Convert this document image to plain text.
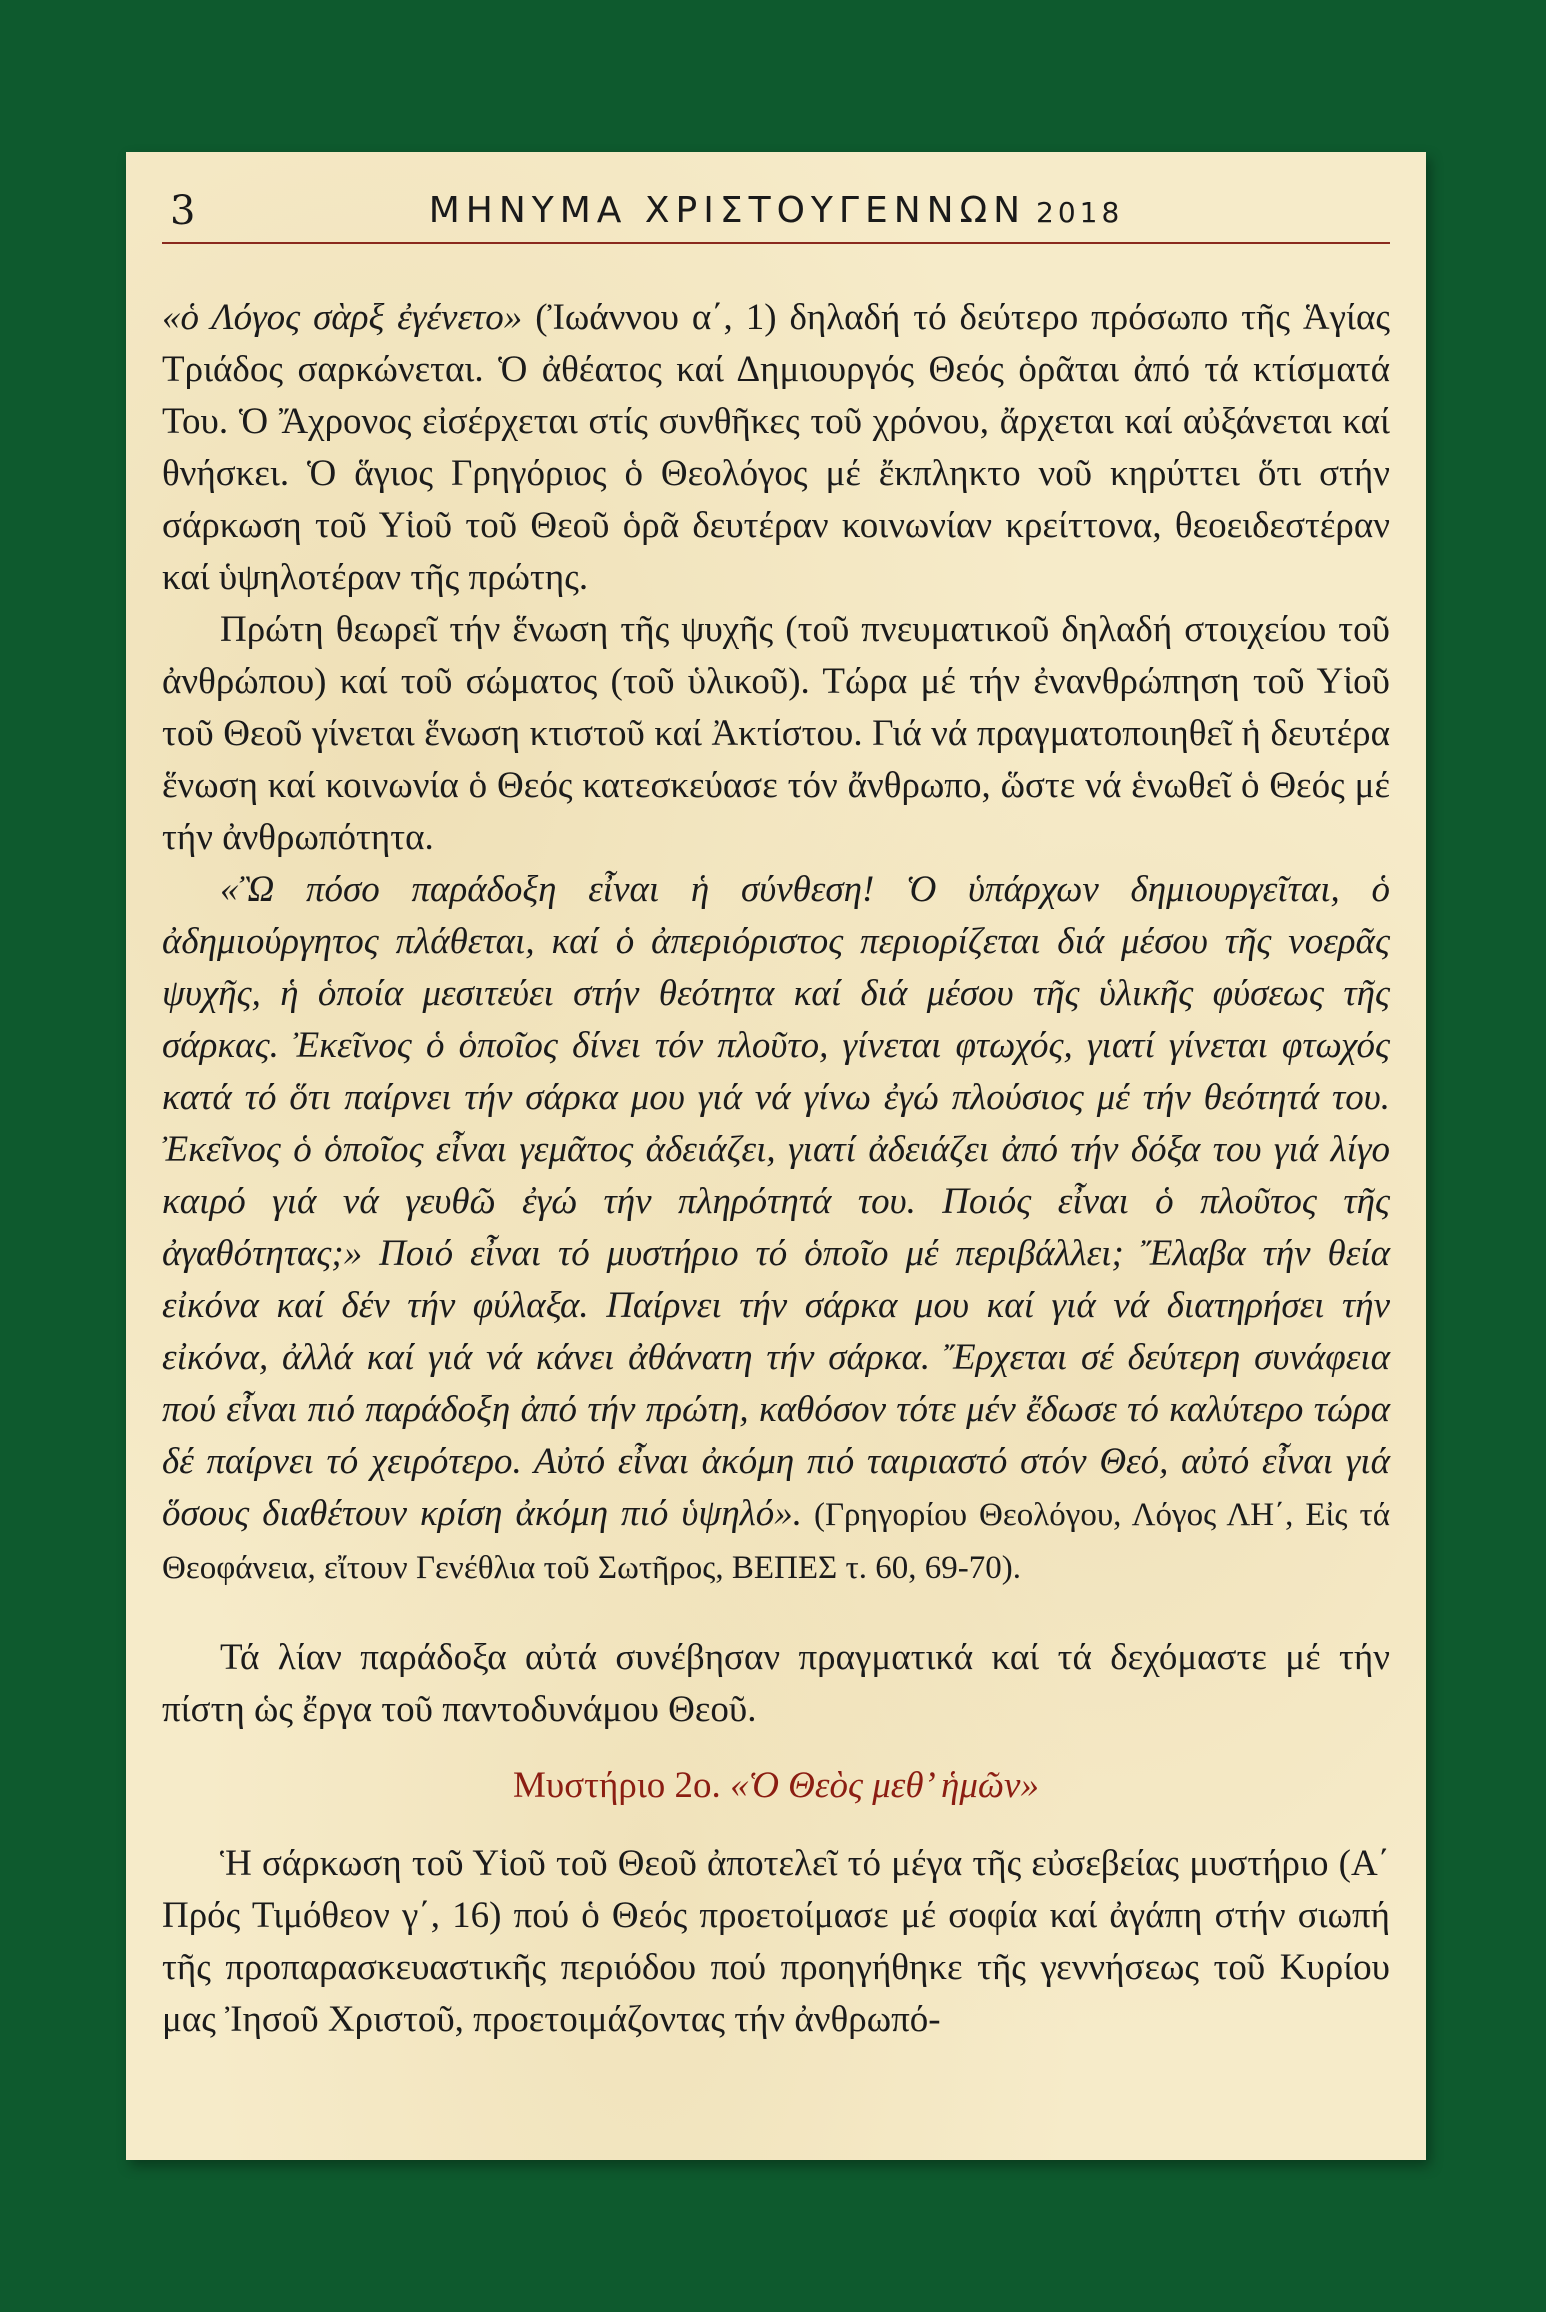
3	ΜΗΝΥΜΑ ΧΡΙΣΤΟΥΓΕΝΝΩΝ 2018

«ὁ Λόγος σὰρξ ἐγένετο» (Ἰωάννου α΄, 1) δηλαδή τό δεύτερο πρόσωπο τῆς Ἁγίας Τριάδος σαρκώνεται. Ὁ ἀθέατος καί Δημιουργός Θεός ὁρᾶται ἀπό τά κτίσματά Του. Ὁ Ἄχρονος εἰσέρχεται στίς συνθῆκες τοῦ χρόνου, ἄρχεται καί αὐξάνεται καί θνήσκει. Ὁ ἅγιος Γρηγόριος ὁ Θεολόγος μέ ἔκπληκτο νοῦ κηρύττει ὅτι στήν σάρκωση τοῦ Υἱοῦ τοῦ Θεοῦ ὁρᾶ δευτέραν κοινωνίαν κρείττονα, θεοειδεστέραν καί ὑψηλοτέραν τῆς πρώτης.

Πρώτη θεωρεῖ τήν ἕνωση τῆς ψυχῆς (τοῦ πνευματικοῦ δηλαδή στοιχείου τοῦ ἀνθρώπου) καί τοῦ σώματος (τοῦ ὑλικοῦ). Τώρα μέ τήν ἐνανθρώπηση τοῦ Υἱοῦ τοῦ Θεοῦ γίνεται ἕνωση κτιστοῦ καί Ἀκτίστου. Γιά νά πραγματοποιηθεῖ ἡ δευτέρα ἕνωση καί κοινωνία ὁ Θεός κατεσκεύασε τόν ἄνθρωπο, ὥστε νά ἑνωθεῖ ὁ Θεός μέ τήν ἀνθρωπότητα.

«Ὢ πόσο παράδοξη εἶναι ἡ σύνθεση! Ὁ ὑπάρχων δημιουργεῖται, ὁ ἀδημιούργητος πλάθεται, καί ὁ ἀπεριόριστος περιορίζεται διά μέσου τῆς νοερᾶς ψυχῆς, ἡ ὁποία μεσιτεύει στήν θεότητα καί διά μέσου τῆς ὑλικῆς φύσεως τῆς σάρκας. Ἐκεῖνος ὁ ὁποῖος δίνει τόν πλοῦτο, γίνεται φτωχός, γιατί γίνεται φτωχός κατά τό ὅτι παίρνει τήν σάρκα μου γιά νά γίνω ἐγώ πλούσιος μέ τήν θεότητά του. Ἐκεῖνος ὁ ὁποῖος εἶναι γεμᾶτος ἀδειάζει, γιατί ἀδειάζει ἀπό τήν δόξα του γιά λίγο καιρό γιά νά γευθῶ ἐγώ τήν πληρότητά του. Ποιός εἶναι ὁ πλοῦτος τῆς ἀγαθότητας;» Ποιό εἶναι τό μυστήριο τό ὁποῖο μέ περιβάλλει; Ἔλαβα τήν θεία εἰκόνα καί δέν τήν φύλαξα. Παίρνει τήν σάρκα μου καί γιά νά διατηρήσει τήν εἰκόνα, ἀλλά καί γιά νά κάνει ἀθάνατη τήν σάρκα. Ἔρχεται σέ δεύτερη συνάφεια πού εἶναι πιό παράδοξη ἀπό τήν πρώτη, καθόσον τότε μέν ἔδωσε τό καλύτερο τώρα δέ παίρνει τό χειρότερο. Αὐτό εἶναι ἀκόμη πιό ταιριαστό στόν Θεό, αὐτό εἶναι γιά ὅσους διαθέτουν κρίση ἀκόμη πιό ὑψηλό». (Γρηγορίου Θεολόγου, Λόγος ΛΗ΄, Εἰς τά Θεοφάνεια, εἴτουν Γενέθλια τοῦ Σωτῆρος, ΒΕΠΕΣ τ. 60, 69-70).

Τά λίαν παράδοξα αὐτά συνέβησαν πραγματικά καί τά δεχόμαστε μέ τήν πίστη ὡς ἔργα τοῦ παντοδυνάμου Θεοῦ.

Μυστήριο 2ο. «Ὁ Θεὸς μεθ’ ἡμῶν»

Ἡ σάρκωση τοῦ Υἱοῦ τοῦ Θεοῦ ἀποτελεῖ τό μέγα τῆς εὐσεβείας μυστήριο (Α΄ Πρός Τιμόθεον γ΄, 16) πού ὁ Θεός προετοίμασε μέ σοφία καί ἀγάπη στήν σιωπή τῆς προπαρασκευαστικῆς περιόδου πού προηγήθηκε τῆς γεννήσεως τοῦ Κυρίου μας Ἰησοῦ Χριστοῦ, προετοιμάζοντας τήν ἀνθρωπό-
